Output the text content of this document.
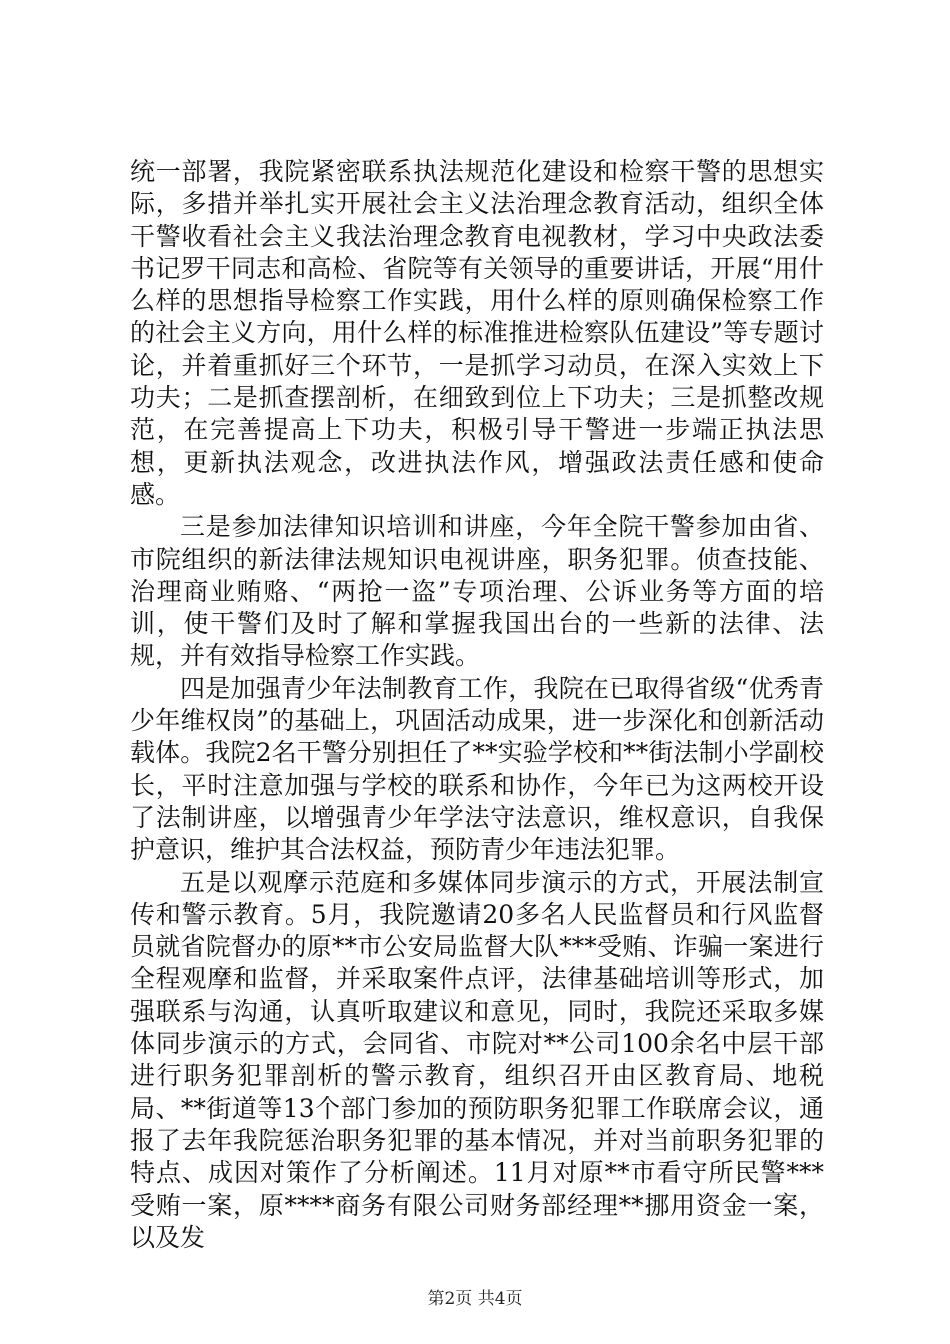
统一部署，我院紧密联系执法规范化建设和检察干警的思想实际，多措并举扎实开展社会主义法治理念教育活动，组织全体干警收看社会主义我法治理念教育电视教材，学习中央政法委书记罗干同志和高检、省院等有关领导的重要讲话，开展“用什么样的思想指导检察工作实践，用什么样的原则确保检察工作的社会主义方向，用什么样的标准推进检察队伍建设”等专题讨论，并着重抓好三个环节，一是抓学习动员，在深入实效上下功夫；二是抓查摆剖析，在细致到位上下功夫；三是抓整改规范，在完善提高上下功夫，积极引导干警进一步端正执法思想，更新执法观念，改进执法作风，增强政法责任感和使命感。

三是参加法律知识培训和讲座，今年全院干警参加由省、市院组织的新法律法规知识电视讲座，职务犯罪。侦查技能、治理商业贿赂、“两抢一盗”专项治理、公诉业务等方面的培训，使干警们及时了解和掌握我国出台的一些新的法律、法规，并有效指导检察工作实践。

四是加强青少年法制教育工作，我院在已取得省级“优秀青少年维权岗”的基础上，巩固活动成果，进一步深化和创新活动载体。我院2名干警分别担任了**实验学校和**街法制小学副校长，平时注意加强与学校的联系和协作，今年已为这两校开设了法制讲座，以增强青少年学法守法意识，维权意识，自我保护意识，维护其合法权益，预防青少年违法犯罪。

五是以观摩示范庭和多媒体同步演示的方式，开展法制宣传和警示教育。5月，我院邀请20多名人民监督员和行风监督员就省院督办的原**市公安局监督大队***受贿、诈骗一案进行全程观摩和监督，并采取案件点评，法律基础培训等形式，加强联系与沟通，认真听取建议和意见，同时，我院还采取多媒体同步演示的方式，会同省、市院对**公司100余名中层干部进行职务犯罪剖析的警示教育，组织召开由区教育局、地税局、**街道等13个部门参加的预防职务犯罪工作联席会议，通报了去年我院惩治职务犯罪的基本情况，并对当前职务犯罪的特点、成因对策作了分析阐述。11月对原**市看守所民警***受贿一案，原****商务有限公司财务部经理**挪用资金一案，以及发

第2页 共4页
